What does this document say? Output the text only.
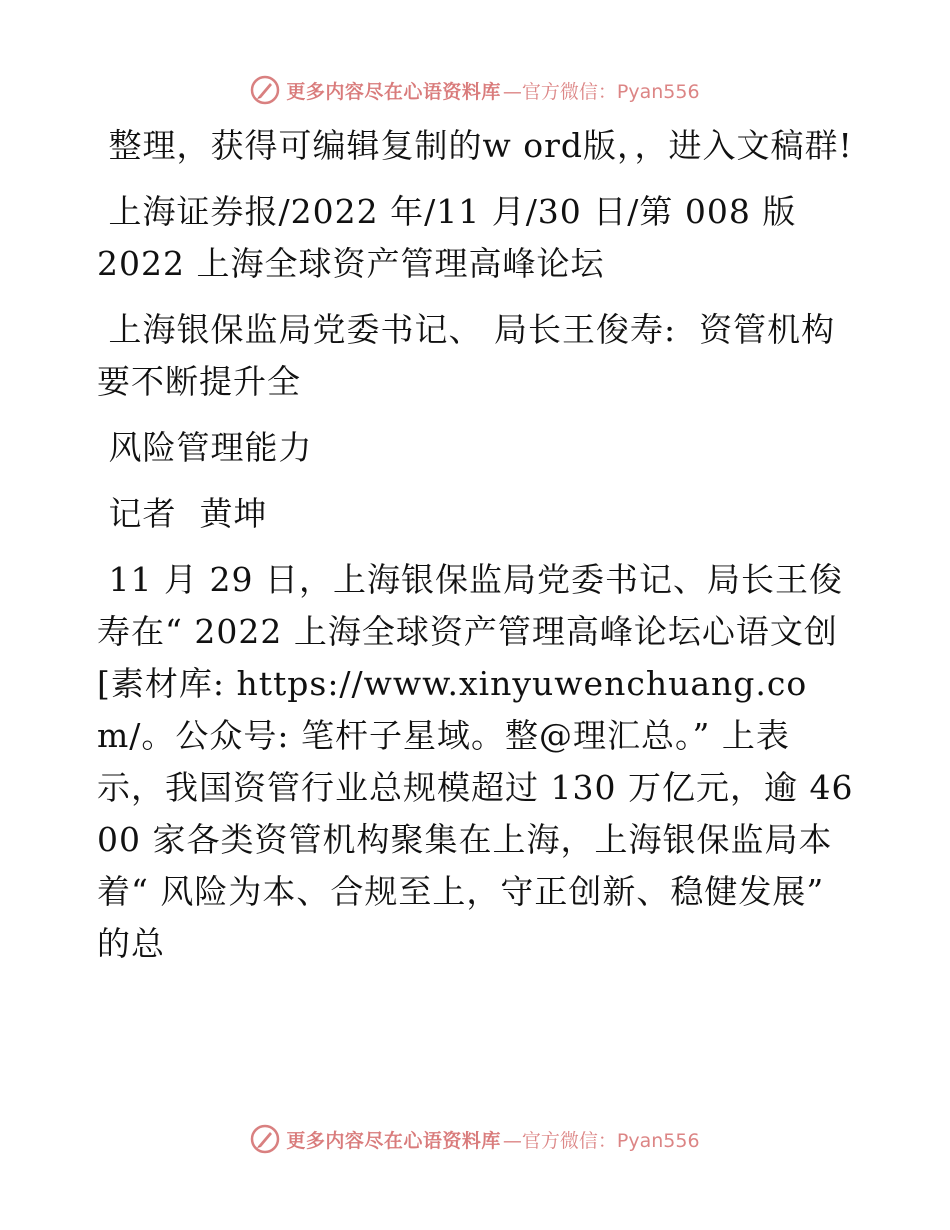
更多内容尽在心语资料库 —官方微信：Pyan556

整理，获得可编辑复制的w ord版，，进入文稿群!

上海证券报/2022 年/11 月/30 日/第 008 版

2022 上海全球资产管理高峰论坛

上海银保监局党委书记、 局长王俊寿:  资管机构要不断提升全

风险管理能力

记者  黄坤

11 月 29 日，上海银保监局党委书记、局长王俊寿在“ 2022 上海全球资产管理高峰论坛心语文创[素材库: https://www.xinyuwenchuang.com/。公众号: 笔杆子星域。整@理汇总。” 上表示，我国资管行业总规模超过 130 万亿元，逾 4600 家各类资管机构聚集在上海，上海银保监局本着“ 风险为本、合规至上，守正创新、稳健发展” 的总

更多内容尽在心语资料库 —官方微信：Pyan556
